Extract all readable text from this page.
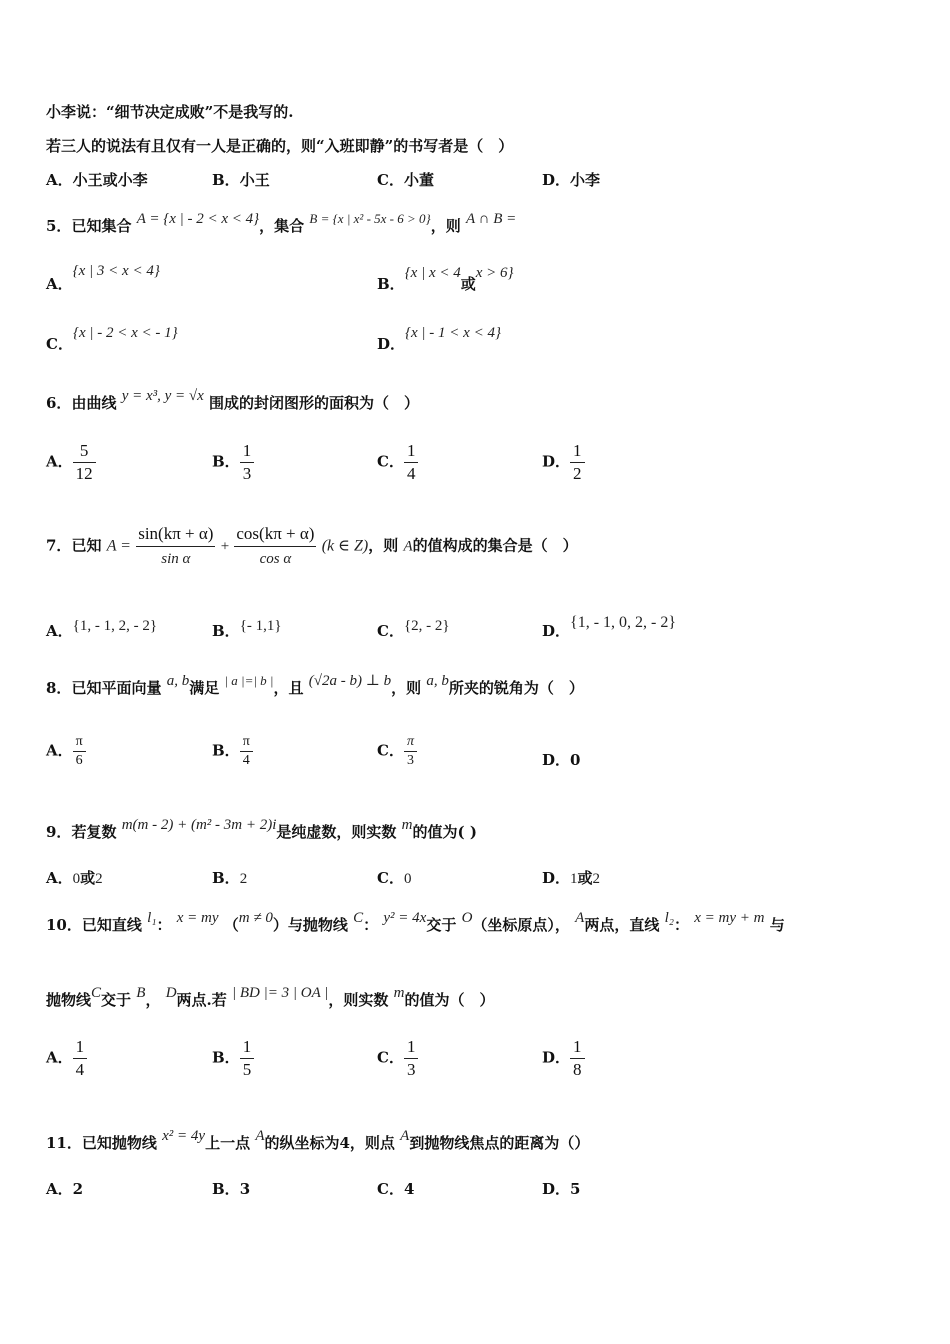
小李说：“细节决定成败”不是我写的.
若三人的说法有且仅有一人是正确的，则“入班即静”的书写者是（　）
A．小王或小李	B．小王	C．小董	D．小李
5．已知集合 A = {x | - 2 < x < 4}，集合 B = {x | x² - 5x - 6 > 0}，则 A ∩ B =
A．{x | 3 < x < 4}
B．{x | x < 4或x > 6}
C．{x | - 2 < x < - 1}
D．{x | - 1 < x < 4}
6．由曲线 y = x³, y = √x 围成的封闭图形的面积为（　）
A． $\frac{5}{12}$	B． $\frac{1}{3}$	C． $\frac{1}{4}$	D． $\frac{1}{2}$
7．已知 $A = \frac{\sin(k\pi + \alpha)}{\text{sin α}} + \frac{\cos(k\pi + \alpha)}{\text{cos α}} (k$ ∈ Z)，则 A的值构成的集合是（　）
A．{1, - 1, 2, - 2}	B．{- 1,1}	C．{2, - 2}	D．{1, - 1, 0, 2, - 2}
8．已知平面向量 a, b满足 | a |=| b |，且 (√2a - b) ⊥ b，则 a, b所夹的锐角为（　）
A． $\frac{\pi}{6}$	B． $\frac{\pi}{4}$	C． $\frac{\pi}{3}$	D．0
9．若复数 m(m - 2) + (m² - 3m + 2)i是纯虚数，则实数 m的值为( )
A．0或2	B．2	C．0	D．1或2
10．已知直线 l₁： x = my （m ≠ 0）与抛物线 C： y² = 4x交于 O（坐标原点）， A两点，直线 l₂： x = my + m 与
抛物线C交于 B， D两点.若 | BD |= 3 | OA |，则实数 m的值为（　）
A． $\frac{1}{4}$	B． $\frac{1}{5}$	C． $\frac{1}{3}$	D． $\frac{1}{8}$
11．已知抛物线 x² = 4y上一点 A的纵坐标为4，则点 A到抛物线焦点的距离为（）
A．2	B．3	C．4	D．5
